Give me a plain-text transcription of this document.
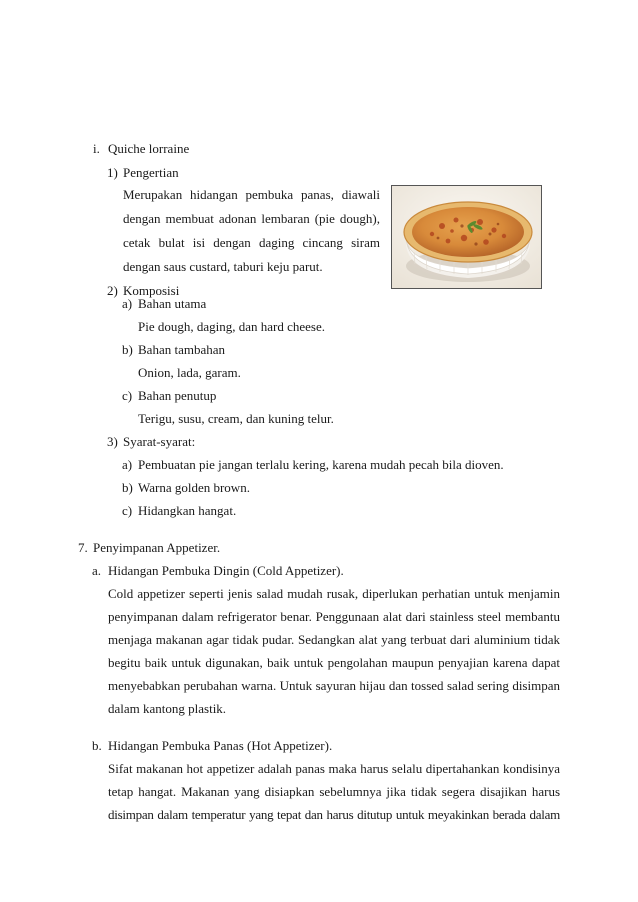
i. Quiche lorraine
1) Pengertian
Merupakan hidangan pembuka panas, diawali
dengan membuat adonan lembaran (pie dough),
cetak bulat isi dengan daging cincang siram
dengan saus custard, taburi keju parut.
2) Komposisi
a) Bahan utama
Pie dough, daging, dan hard cheese.
b) Bahan tambahan
Onion, lada, garam.
c) Bahan penutup
Terigu, susu, cream, dan kuning telur.
3) Syarat-syarat:
a) Pembuatan pie jangan terlalu kering, karena mudah pecah bila dioven.
b) Warna golden brown.
c) Hidangkan hangat.
7. Penyimpanan Appetizer.
a. Hidangan Pembuka Dingin (Cold Appetizer).
Cold appetizer seperti jenis salad mudah rusak, diperlukan perhatian untuk menjamin
penyimpanan dalam refrigerator benar. Penggunaan alat dari stainless steel membantu
menjaga makanan agar tidak pudar. Sedangkan alat yang terbuat dari aluminium tidak
begitu baik untuk digunakan, baik untuk pengolahan maupun penyajian karena dapat
menyebabkan perubahan warna. Untuk sayuran hijau dan tossed salad sering disimpan
dalam kantong plastik.
b. Hidangan Pembuka Panas (Hot Appetizer).
Sifat makanan hot appetizer adalah panas maka harus selalu dipertahankan kondisinya
tetap hangat. Makanan yang disiapkan sebelumnya jika tidak segera disajikan harus
disimpan dalam temperatur yang tepat dan harus ditutup untuk meyakinkan berada dalam
